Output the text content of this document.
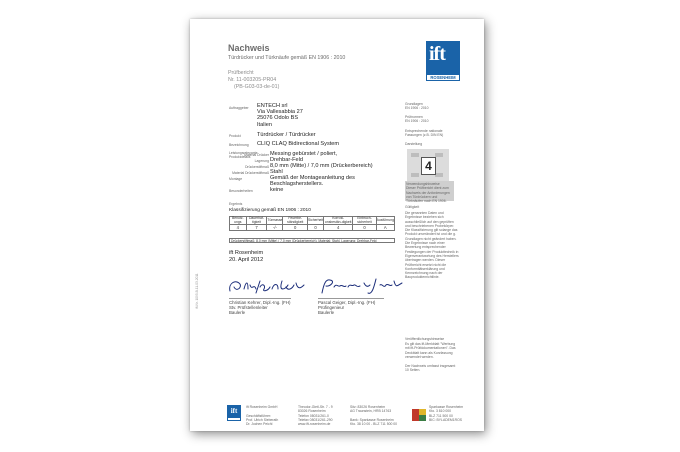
Nachweis
Türdrücker und Türknäufe gemäß EN 1906 : 2010
Prüfbericht
Nr. 11-003205-PR04
(PB-G03-03-de-01)
ift
ROSENHEIM
Auftraggeber ENTECH srl
Via Vallesabbia 27
25076 Odolo BS
Italien
Produkt	Türdrücker / Türdrücker
Bezeichnung CLIQ CLAQ Bidirectional System
Leistungsrelevante Produktdetails
Material Drücker Messing gebürstet / poliert,
Lagerung Drehbar-Feld
Drückerstiftmaß 8,0 mm (Mitte) / 7,0 mm (Drückerbereich)
Material Drückerstiftmaß Stahl
Montage	Gemäß der Montageanleitung des
Beschlagsherstellers.
Besonderheiten	keine
Ergebnis
Klassifizierung gemäß EN 1906 : 2010
Benutz-ungs	Dauerhaf-tigkeit	Türmasse	Feuerbe-ständigkeit	Sicherheit	Korrosi-onsbestän-digkeit	Einbruch-sicherheit	Ausführung
4	7	-/-	0	0	4	0	A
Drückerstiftmaß: 8,0 mm (Mitte) / 7,0 mm (Drückerbereich), Material: Stahl, Lagerung: Drehbar-Feld
ift Rosenheim
20. April 2012
Christian Kehrer, Dipl.-Ing. (FH)
Stv. Prüfstellenleiter
Baulerle
Pascal Geiger, Dipl.-Ing. (FH)
Prüfingenieur
Baulerle
Grundlagen
EN 1906 : 2010

Prüfnormen
EN 1906 : 2010
Entsprechende nationale Fassungen (z.B. DIN EN)
Darstellung
4
Verwendungshinweise
Dieser Prüfbericht dient zum Nachweis der Anforderungen von Türdrückern und Türknäufen nach EN 1906.
Gültigkeit
Die genannten Daten und Ergebnisse beziehen sich ausschließlich auf den geprüften und beschriebenen Probekörper.
Die Klassifizierung gilt solange das Produkt unverändert ist und die g. Grundlagen nicht geändert haben. Die Ergebnisse nach einer Bewertung entsprechender Festlegungen der Produkttechnik in Eigenverantwortung des Herstellers übertragen werden. Dieser Prüfbericht ersetzt nicht die Konformitätserklärung und Kennzeichnung nach der Bauproduktenrichtlinie.
Veröffentlichungshinweise
Es gilt das ift-Merkblatt "Werbung mit ift-Prüfdokumentationen". Das Deckblatt kann als Kurzfassung verwendet werden.
Der Nachweis umfasst insgesamt 10 Seiten.
ift-Nr. 1095-B-11-03-2011
ift	ift Rosenheim GmbH

Geschäftsführer:
Prof. Ulrich Sieberath
Dr. Jochen Peichl
Theodor-Gietl-Str. 7 - 9
83026 Rosenheim
Telefon 08031/261-0
Telefax 08031/261-290
www.ift-rosenheim.de
Sitz: 83026 Rosenheim
AG Traunstein, HRB 14763

Bank: Sparkasse Rosenheim
Kto. 38 10 00 - BLZ 711 500 00
Sparkasse Rosenheim
Kto. 3 810 000
BLZ 711 500 00
BIC: BYLADEM1ROS
